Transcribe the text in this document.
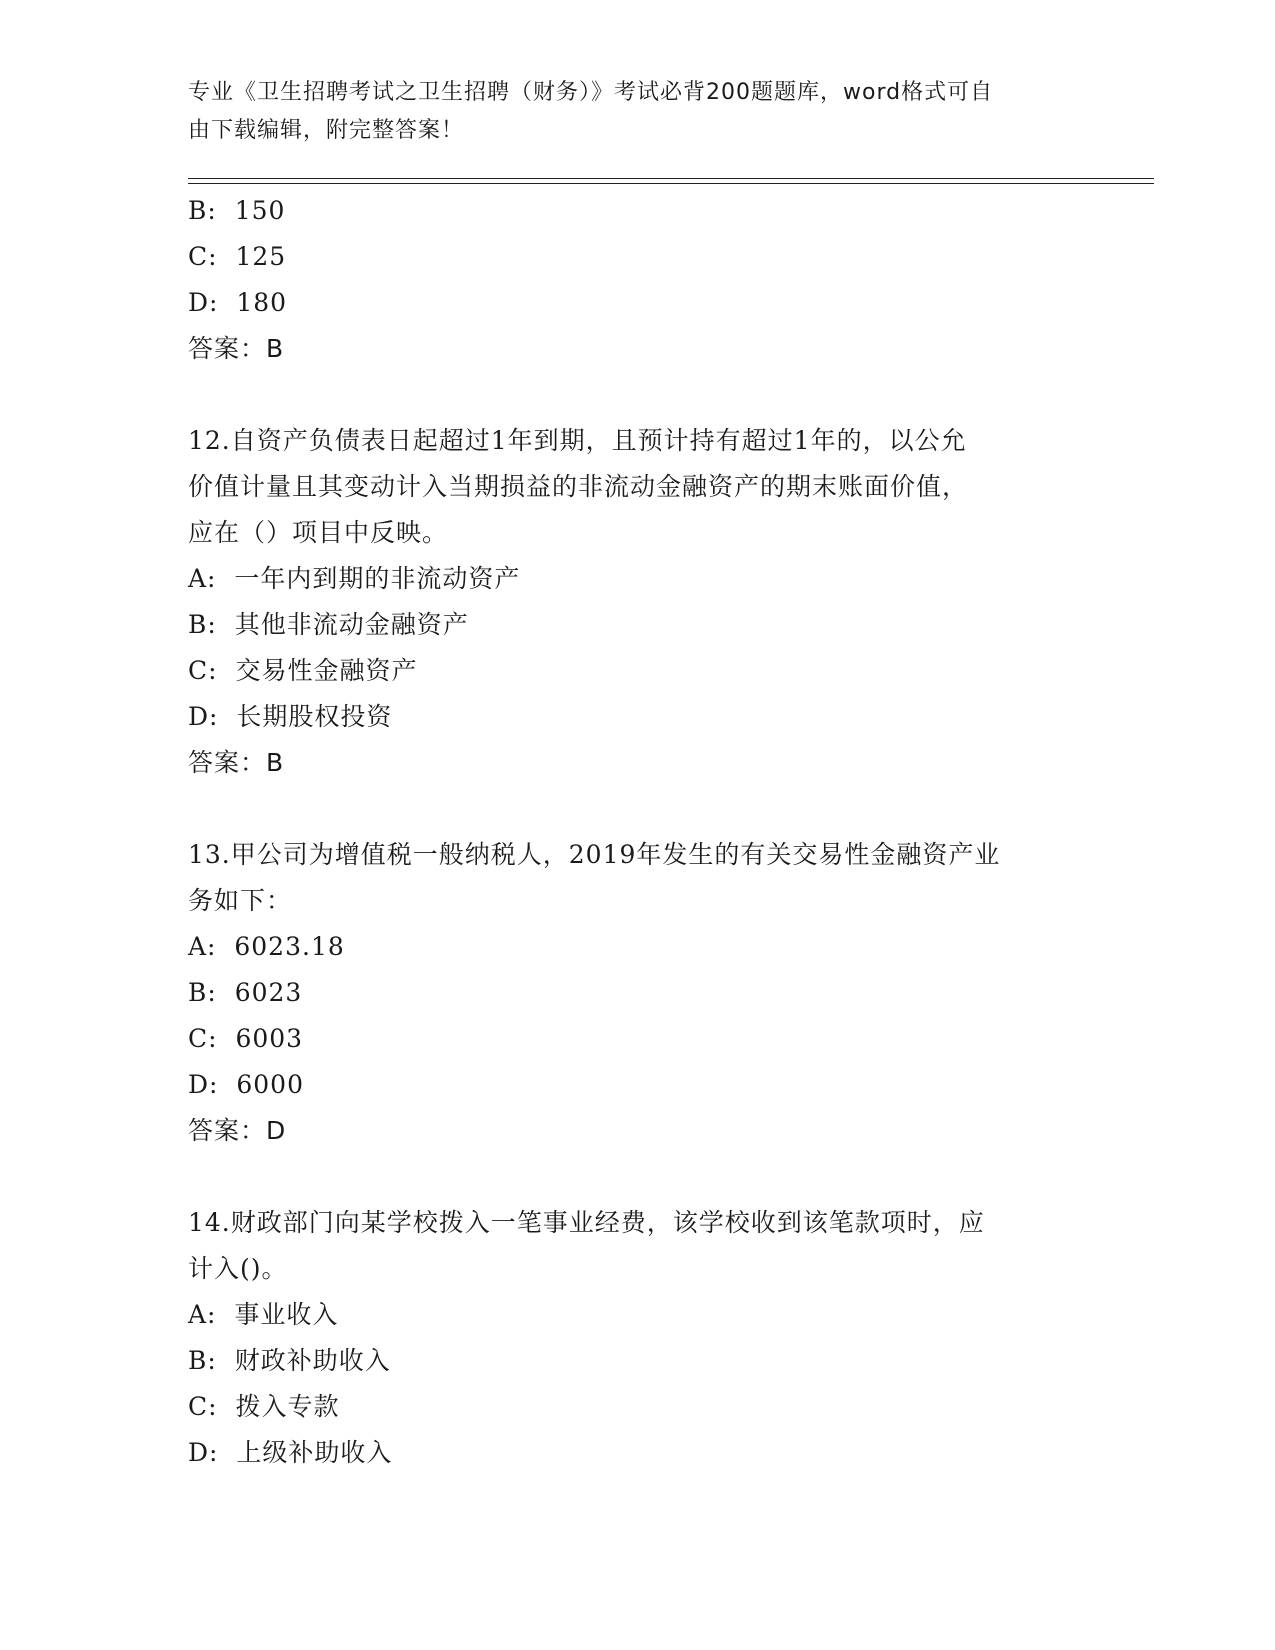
专业《卫生招聘考试之卫生招聘（财务）》考试必背200题题库，word格式可自
由下载编辑，附完整答案！
B:  150
C:  125
D:  180
答案：B
12.自资产负债表日起超过1年到期，且预计持有超过1年的，以公允
价值计量且其变动计入当期损益的非流动金融资产的期末账面价值，
应在（）项目中反映。
A:  一年内到期的非流动资产
B:  其他非流动金融资产
C:  交易性金融资产
D:  长期股权投资
答案：B
13.甲公司为增值税一般纳税人，2019年发生的有关交易性金融资产业
务如下：
A:  6023.18
B:  6023
C:  6003
D:  6000
答案：D
14.财政部门向某学校拨入一笔事业经费，该学校收到该笔款项时，应
计入()。
A:  事业收入
B:  财政补助收入
C:  拨入专款
D:  上级补助收入
